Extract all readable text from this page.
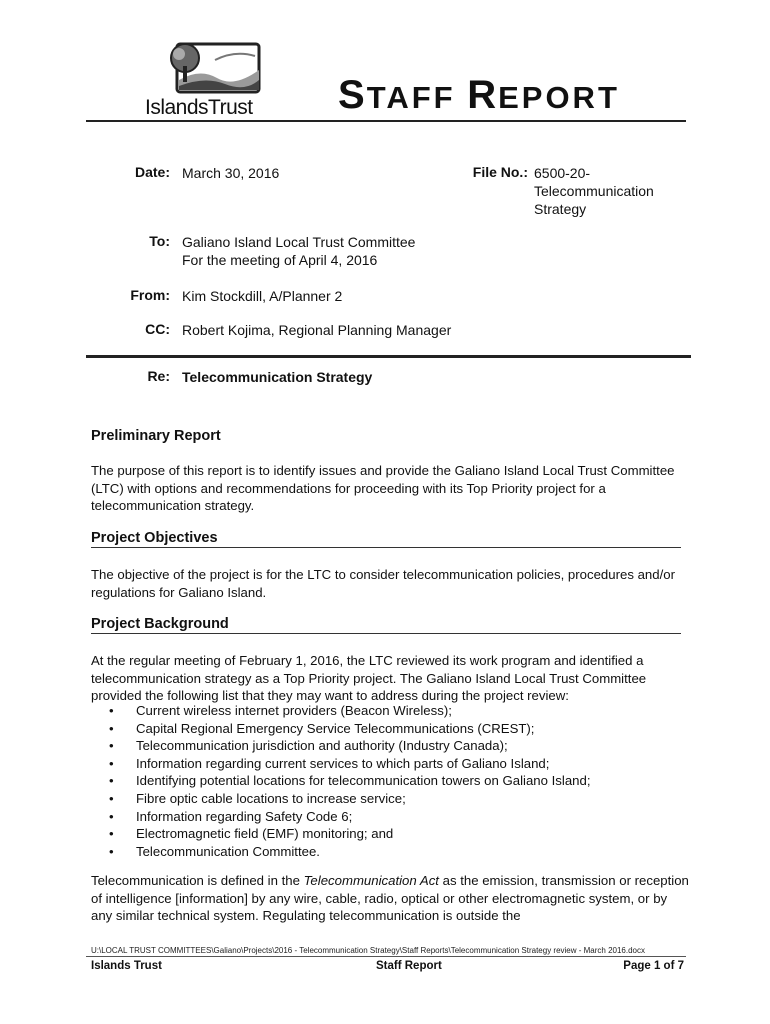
IslandsTrust STAFF REPORT
Date: March 30, 2016	File No.: 6500-20-
Telecommunication
Strategy
To: Galiano Island Local Trust Committee
For the meeting of April 4, 2016
From: Kim Stockdill, A/Planner 2
CC: Robert Kojima, Regional Planning Manager
Re: Telecommunication Strategy
Preliminary Report
The purpose of this report is to identify issues and provide the Galiano Island Local Trust Committee (LTC) with options and recommendations for proceeding with its Top Priority project for a telecommunication strategy.
Project Objectives
The objective of the project is for the LTC to consider telecommunication policies, procedures and/or regulations for Galiano Island.
Project Background
At the regular meeting of February 1, 2016, the LTC reviewed its work program and identified a telecommunication strategy as a Top Priority project. The Galiano Island Local Trust Committee provided the following list that they may want to address during the project review:
• Current wireless internet providers (Beacon Wireless);
• Capital Regional Emergency Service Telecommunications (CREST);
• Telecommunication jurisdiction and authority (Industry Canada);
• Information regarding current services to which parts of Galiano Island;
• Identifying potential locations for telecommunication towers on Galiano Island;
• Fibre optic cable locations to increase service;
• Information regarding Safety Code 6;
• Electromagnetic field (EMF) monitoring; and
• Telecommunication Committee.
Telecommunication is defined in the Telecommunication Act as the emission, transmission or reception of intelligence [information] by any wire, cable, radio, optical or other electromagnetic system, or by any similar technical system. Regulating telecommunication is outside the
U:\LOCAL TRUST COMMITTEES\Galiano\Projects\2016 - Telecommunication Strategy\Staff Reports\Telecommunication Strategy review - March 2016.docx
Islands Trust	Staff Report	Page 1 of 7
